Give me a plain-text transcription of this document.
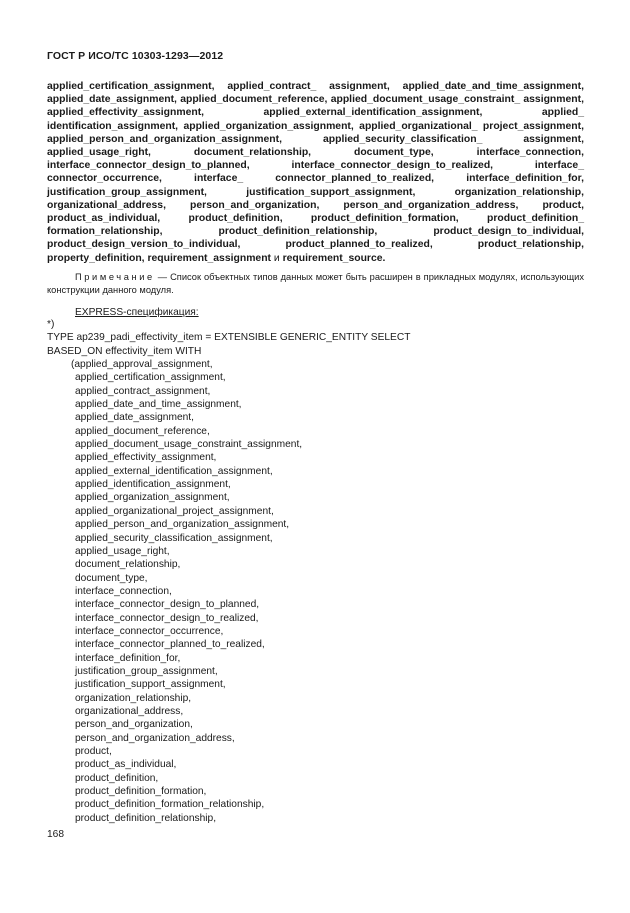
ГОСТ Р ИСО/ТС 10303-1293—2012

applied_certification_assignment, applied_contract_ assignment, applied_date_and_time_assignment, applied_date_assignment, applied_document_reference, applied_document_usage_constraint_ assignment, applied_effectivity_assignment, applied_external_identification_assignment, applied_ identification_assignment, applied_organization_assignment, applied_organizational_ project_assignment, applied_person_and_organization_assignment, applied_security_classification_ assignment, applied_usage_right, document_relationship, document_type, interface_connection, interface_connector_design_to_planned, interface_connector_design_to_realized, interface_ connector_occurrence, interface_ connector_planned_to_realized, interface_definition_for, justification_group_assignment, justification_support_assignment, organization_relationship, organizational_address, person_and_organization, person_and_organization_address, product, product_as_individual, product_definition, product_definition_formation, product_definition_ formation_relationship, product_definition_relationship, product_design_to_individual, product_design_version_to_individual, product_planned_to_realized, product_relationship, property_definition, requirement_assignment и requirement_source.

Примечание — Список объектных типов данных может быть расширен в прикладных модулях, использующих конструкции данного модуля.

EXPRESS-спецификация:
*)
TYPE ap239_padi_effectivity_item = EXTENSIBLE GENERIC_ENTITY SELECT
BASED_ON effectivity_item WITH
(applied_approval_assignment,
applied_certification_assignment,
applied_contract_assignment,
applied_date_and_time_assignment,
applied_date_assignment,
applied_document_reference,
applied_document_usage_constraint_assignment,
applied_effectivity_assignment,
applied_external_identification_assignment,
applied_identification_assignment,
applied_organization_assignment,
applied_organizational_project_assignment,
applied_person_and_organization_assignment,
applied_security_classification_assignment,
applied_usage_right,
document_relationship,
document_type,
interface_connection,
interface_connector_design_to_planned,
interface_connector_design_to_realized,
interface_connector_occurrence,
interface_connector_planned_to_realized,
interface_definition_for,
justification_group_assignment,
justification_support_assignment,
organization_relationship,
organizational_address,
person_and_organization,
person_and_organization_address,
product,
product_as_individual,
product_definition,
product_definition_formation,
product_definition_formation_relationship,
product_definition_relationship,
168
